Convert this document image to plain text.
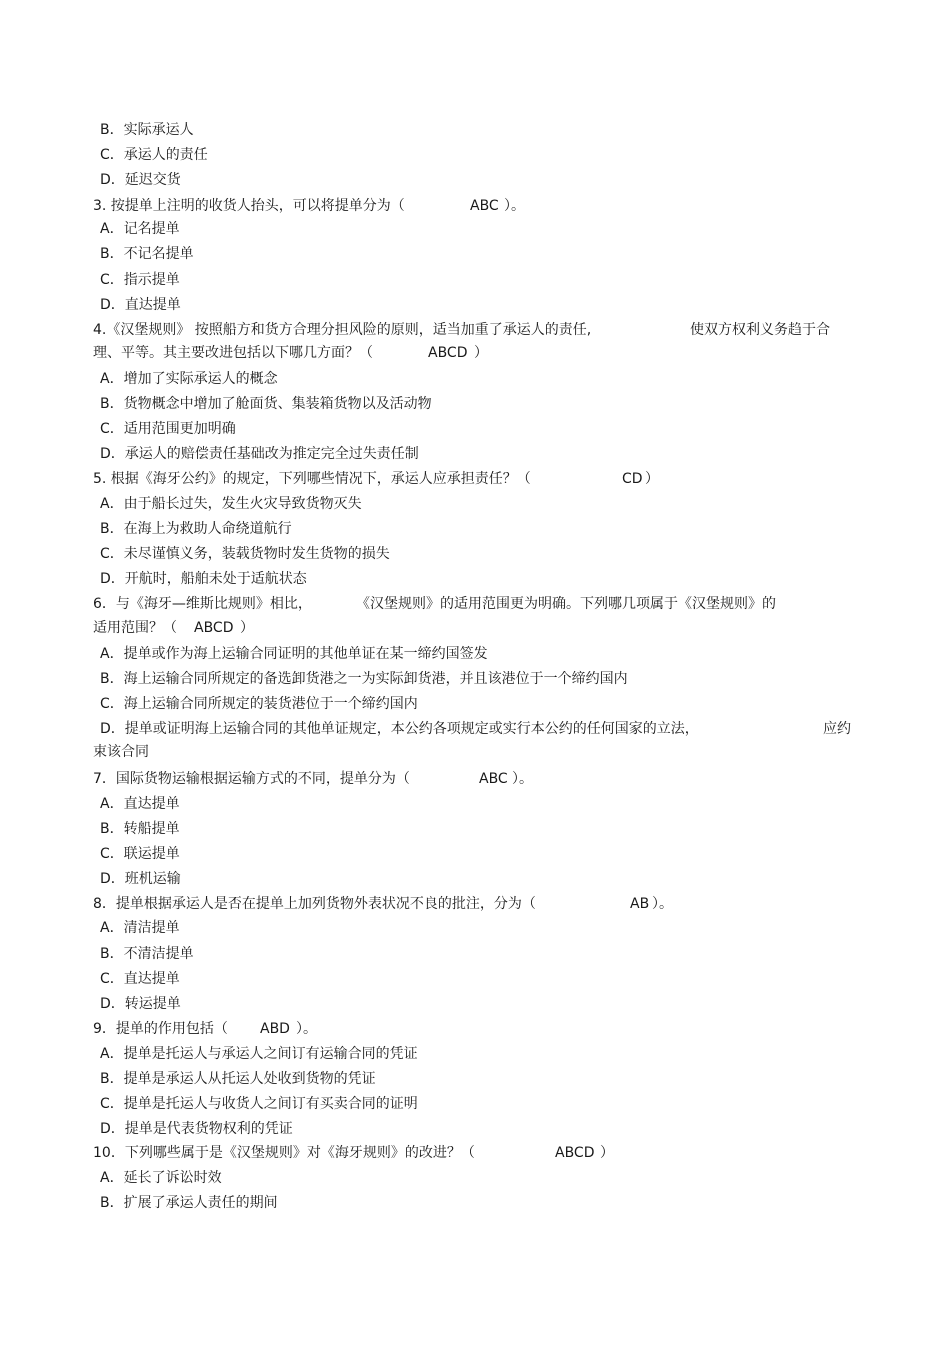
B．实际承运人
C．承运人的责任
D．延迟交货
3. 按提单上注明的收货人抬头，可以将提单分为（	ABC ）。
A．记名提单
B．不记名提单
C．指示提单
D．直达提单
4.《汉堡规则》 按照船方和货方合理分担风险的原则，适当加重了承运人的责任,	使双方权利义务趋于合
理、平等。其主要改进包括以下哪几方面？（	ABCD ）
A．增加了实际承运人的概念
B．货物概念中增加了舱面货、集装箱货物以及活动物
C．适用范围更加明确
D．承运人的赔偿责任基础改为推定完全过失责任制
5. 根据《海牙公约》的规定，下列哪些情况下，承运人应承担责任？（	CD ）
A．由于船长过失，发生火灾导致货物灭失
B．在海上为救助人命绕道航行
C．未尽谨慎义务，装载货物时发生货物的损失
D．开航时，船舶未处于适航状态
6．与《海牙—维斯比规则》相比，	《汉堡规则》的适用范围更为明确。下列哪几项属于《汉堡规则》的
适用范围？（ ABCD ）
A．提单或作为海上运输合同证明的其他单证在某一缔约国签发
B．海上运输合同所规定的备选卸货港之一为实际卸货港，并且该港位于一个缔约国内
C．海上运输合同所规定的装货港位于一个缔约国内
D．提单或证明海上运输合同的其他单证规定，本公约各项规定或实行本公约的任何国家的立法，	应约
束该合同
7．国际货物运输根据运输方式的不同，提单分为（	ABC ）。
A．直达提单
B．转船提单
C．联运提单
D．班机运输
8．提单根据承运人是否在提单上加列货物外表状况不良的批注，分为（	AB ）。
A．清洁提单
B．不清洁提单
C．直达提单
D．转运提单
9．提单的作用包括（ ABD ）。
A．提单是托运人与承运人之间订有运输合同的凭证
B．提单是承运人从托运人处收到货物的凭证
C．提单是托运人与收货人之间订有买卖合同的证明
D．提单是代表货物权利的凭证
10．下列哪些属于是《汉堡规则》对《海牙规则》的改进？（	ABCD ）
A．延长了诉讼时效
B．扩展了承运人责任的期间
